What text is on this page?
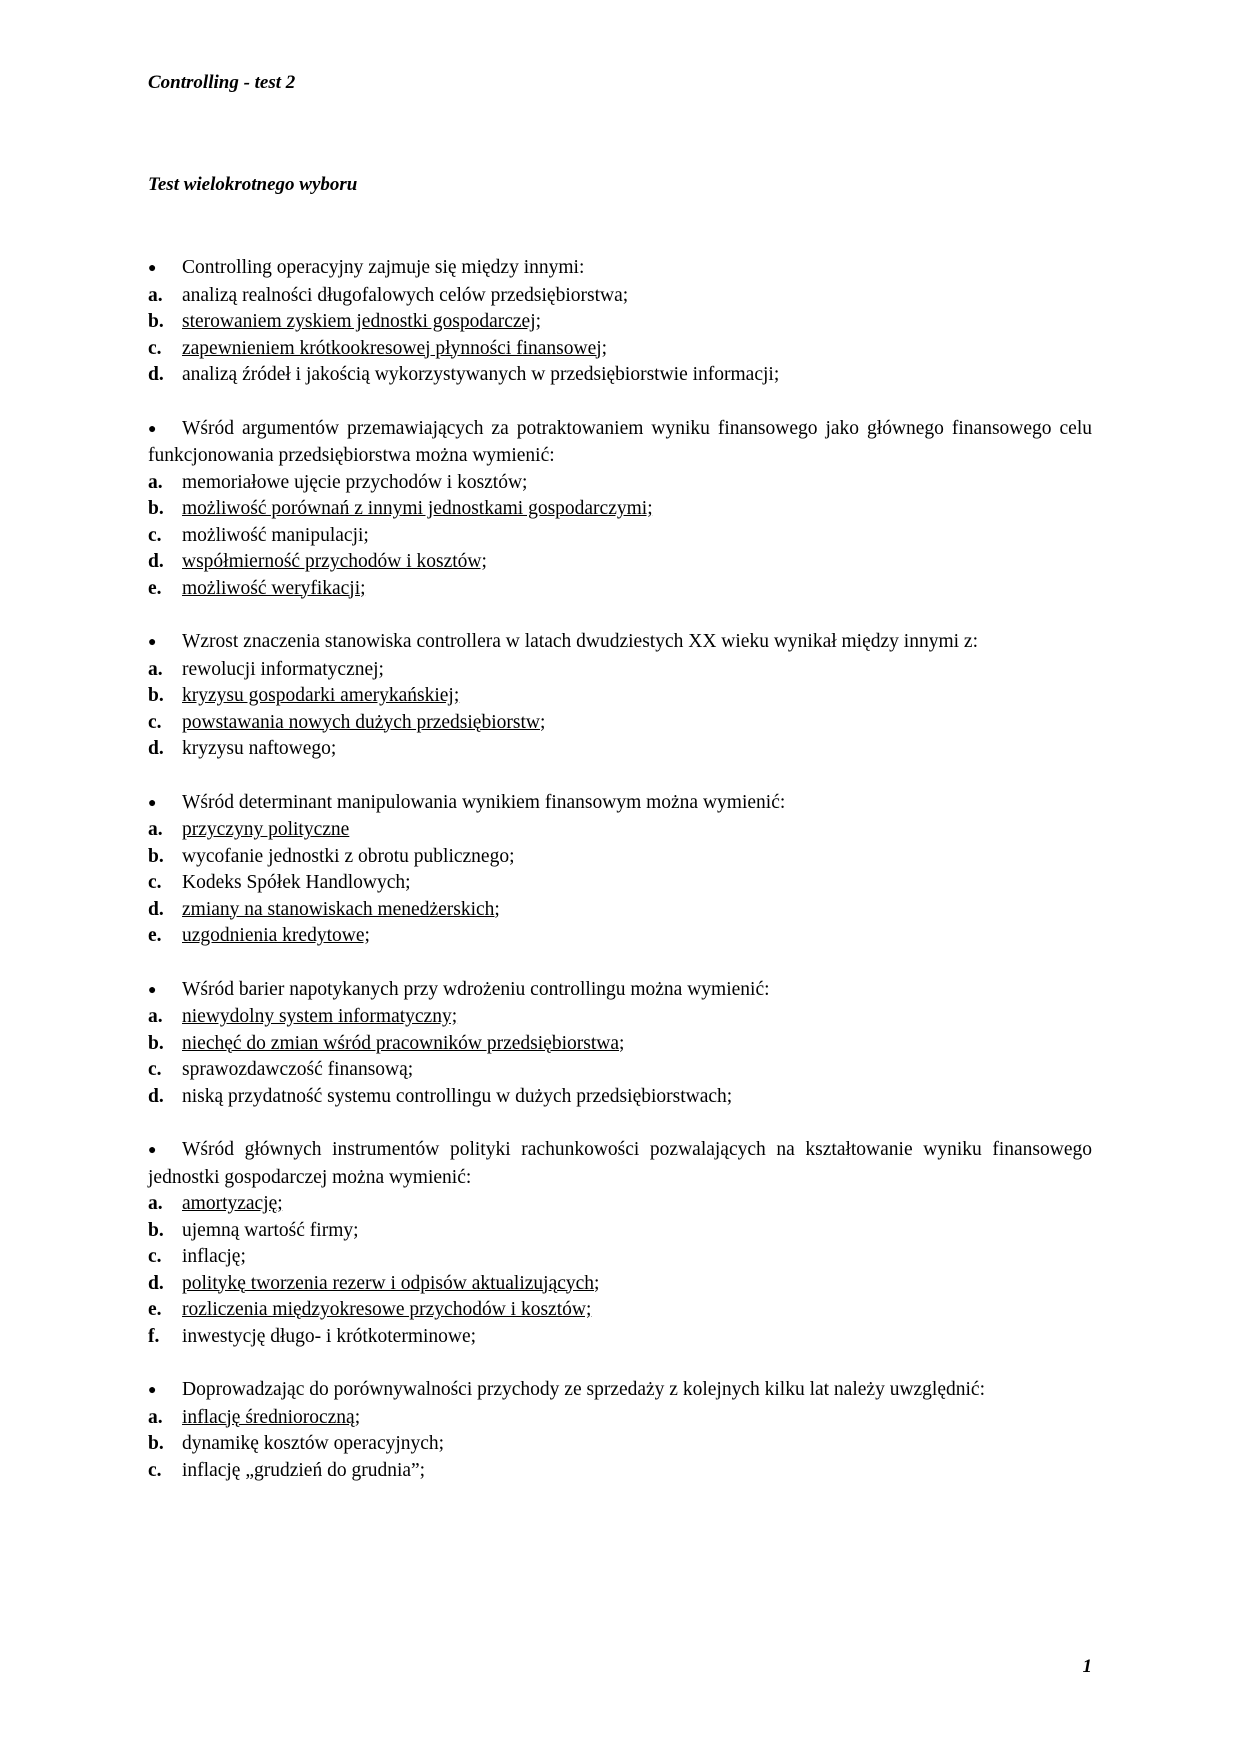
Controlling - test 2
Test wielokrotnego wyboru
● Controlling operacyjny zajmuje się między innymi:
a. analizą realności długofalowych celów przedsiębiorstwa;
b. sterowaniem zyskiem jednostki gospodarczej;
c.	zapewnieniem krótkookresowej płynności finansowej;
d. analizą źródeł i jakością wykorzystywanych w przedsiębiorstwie informacji;
● Wśród argumentów przemawiających za potraktowaniem wyniku finansowego jako głównego finansowego celu funkcjonowania przedsiębiorstwa można wymienić:
a. memoriałowe ujęcie przychodów i kosztów;
b. możliwość porównań z innymi jednostkami gospodarczymi;
c.	możliwość manipulacji;
d. współmierność przychodów i kosztów;
e.	możliwość weryfikacji;
● Wzrost znaczenia stanowiska controllera w latach dwudziestych XX wieku wynikał między innymi z:
a. rewolucji informatycznej;
b. kryzysu gospodarki amerykańskiej;
c.	powstawania nowych dużych przedsiębiorstw;
d. kryzysu naftowego;
● Wśród determinant manipulowania wynikiem finansowym można wymienić:
a. przyczyny polityczne
b. wycofanie jednostki z obrotu publicznego;
c.	Kodeks Spółek Handlowych;
d. zmiany na stanowiskach menedżerskich;
e.	uzgodnienia kredytowe;
● Wśród barier napotykanych przy wdrożeniu controllingu można wymienić:
a. niewydolny system informatyczny;
b. niechęć do zmian wśród pracowników przedsiębiorstwa;
c.	sprawozdawczość finansową;
d. niską przydatność systemu controllingu w dużych przedsiębiorstwach;
● Wśród głównych instrumentów polityki rachunkowości pozwalających na kształtowanie wyniku finansowego jednostki gospodarczej można wymienić:
a. amortyzację;
b. ujemną wartość firmy;
c.	inflację;
d. politykę tworzenia rezerw i odpisów aktualizujących;
e.	rozliczenia międzyokresowe przychodów i kosztów;
f.	inwestycję długo- i krótkoterminowe;
● Doprowadzając do porównywalności przychody ze sprzedaży z kolejnych kilku lat należy uwzględnić:
a. inflację średnioroczną;
b. dynamikę kosztów operacyjnych;
c.	inflację „grudzień do grudnia”;
1
